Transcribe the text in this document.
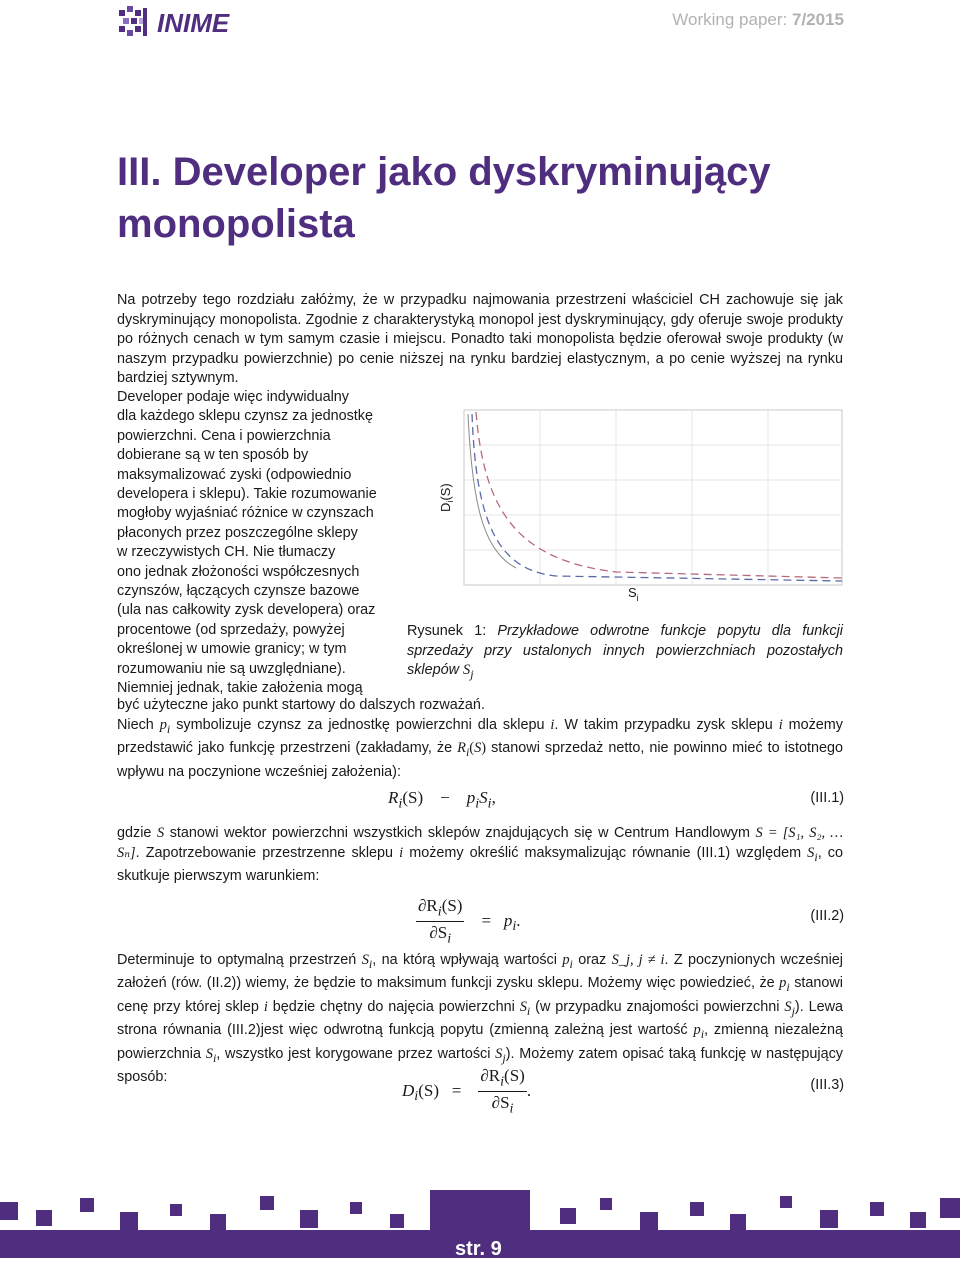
INIME	Working paper: 7/2015
III. Developer jako dyskryminujący
monopolista
Na potrzeby tego rozdziału załóżmy, że w przypadku najmowania przestrzeni właściciel CH zachowuje się jak dyskryminujący monopolista. Zgodnie z charakterystyką monopol jest dyskryminujący, gdy oferuje swoje produkty po różnych cenach w tym samym czasie i miejscu. Ponadto taki monopolista będzie oferował swoje produkty (w naszym przypadku powierzchnie) po cenie niższej na rynku bardziej elastycznym, a po cenie wyższej na rynku bardziej sztywnym.
Developer podaje więc indywidualny
dla każdego sklepu czynsz za jednostkę
powierzchni. Cena i powierzchnia
dobierane są w ten sposób by
maksymalizować zyski (odpowiednio
developera i sklepu). Takie rozumowanie
mogłoby wyjaśniać różnice w czynszach
płaconych przez poszczególne sklepy
w rzeczywistych CH. Nie tłumaczy
ono jednak złożoności współczesnych
czynszów, łączących czynsze bazowe
(ula nas całkowity zysk developera) oraz
procentowe (od sprzedaży, powyżej
określonej w umowie granicy; w tym
rozumowaniu nie są uwzględniane).
Niemniej jednak, takie założenia mogą
$D_i(S)$
$S_i$
Rysunek 1: Przykładowe odwrotne funkcje popytu dla funkcji sprzedaży przy ustalonych innych powierzchniach pozostałych sklepów $S_j$
być użyteczne jako punkt startowy do dalszych rozważań.
Niech $p_i$ symbolizuje czynsz za jednostkę powierzchni dla sklepu i. W takim przypadku zysk sklepu i możemy przedstawić jako funkcję przestrzeni (zakładamy, że $R_i(S)$ stanowi sprzedaż netto, nie powinno mieć to istotnego wpływu na poczynione wcześniej założenia):
$R_i(S) - p_iS_i$,	(III.1)
gdzie S stanowi wektor powierzchni wszystkich sklepów znajdujących się w Centrum Handlowym S = [S₁, S₂, … Sₙ]. Zapotrzebowanie przestrzenne sklepu i możemy określić maksymalizując równanie (III.1) względem $S_i$, co skutkuje pierwszym warunkiem:
$\frac{\partial R_i(S)}{\partial S_i} = p_i$.	(III.2)
Determinuje to optymalną przestrzeń $S_i$, na którą wpływają wartości $p_i$ oraz S_j, j ≠ i. Z poczynionych wcześniej założeń (rów. (II.2)) wiemy, że będzie to maksimum funkcji zysku sklepu. Możemy więc powiedzieć, że $p_i$ stanowi cenę przy której sklep i będzie chętny do najęcia powierzchni $S_i$ (w przypadku znajomości powierzchni $S_j$). Lewa strona równania (III.2)jest więc odwrotną funkcją popytu (zmienną zależną jest wartość $p_i$, zmienną niezależną powierzchnia $S_i$, wszystko jest korygowane przez wartości $S_j$). Możemy zatem opisać taką funkcję w następujący sposób:
$D_i(S) = \frac{\partial R_i(S)}{\partial S_i}$ .	(III.3)
str. 9
